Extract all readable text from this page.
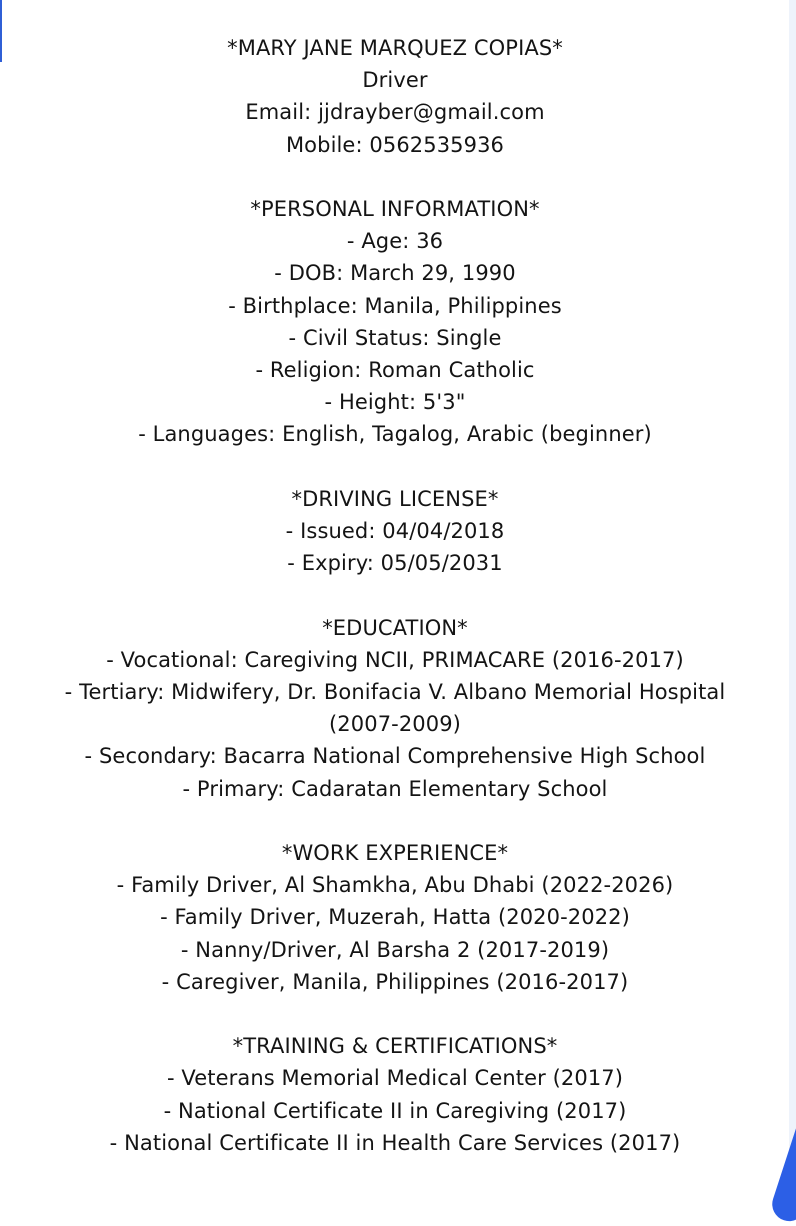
*MARY JANE MARQUEZ COPIAS*
Driver
Email: jjdrayber@gmail.com
Mobile: 0562535936
*PERSONAL INFORMATION*
- Age: 36
- DOB: March 29, 1990
- Birthplace: Manila, Philippines
- Civil Status: Single
- Religion: Roman Catholic
- Height: 5'3"
- Languages: English, Tagalog, Arabic (beginner)
*DRIVING LICENSE*
- Issued: 04/04/2018
- Expiry: 05/05/2031
*EDUCATION*
- Vocational: Caregiving NCII, PRIMACARE (2016-2017)
- Tertiary: Midwifery, Dr. Bonifacia V. Albano Memorial Hospital (2007-2009)
- Secondary: Bacarra National Comprehensive High School
- Primary: Cadaratan Elementary School
*WORK EXPERIENCE*
- Family Driver, Al Shamkha, Abu Dhabi (2022-2026)
- Family Driver, Muzerah, Hatta (2020-2022)
- Nanny/Driver, Al Barsha 2 (2017-2019)
- Caregiver, Manila, Philippines (2016-2017)
*TRAINING & CERTIFICATIONS*
- Veterans Memorial Medical Center (2017)
- National Certificate II in Caregiving (2017)
- National Certificate II in Health Care Services (2017)
